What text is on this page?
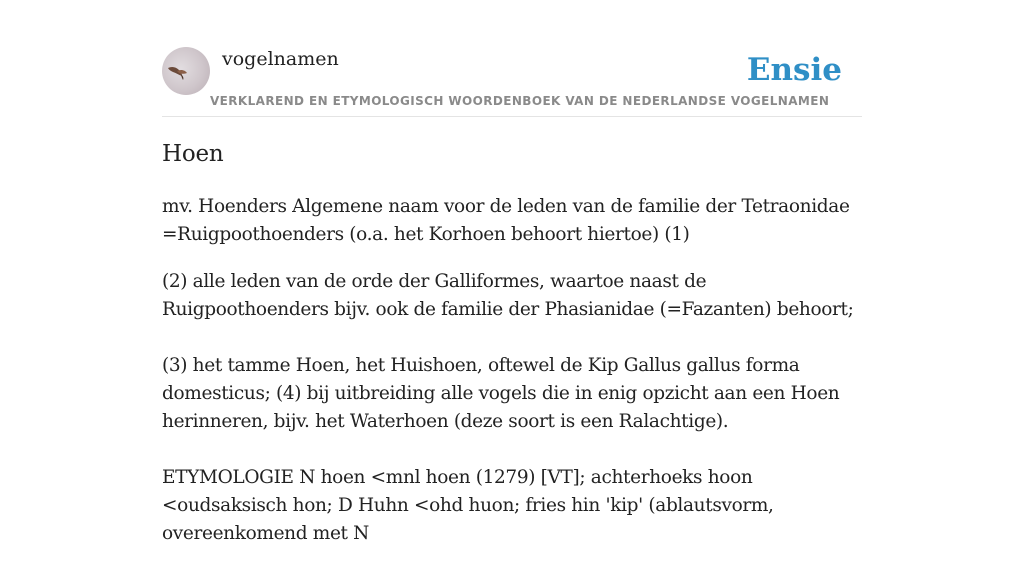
vogelnamen
VERKLAREND EN ETYMOLOGISCH WOORDENBOEK VAN DE NEDERLANDSE VOGELNAMEN
Ensie
Hoen

mv. Hoenders Algemene naam voor de leden van de familie der Tetraonidae =Ruigpoothoenders (o.a. het Korhoen behoort hiertoe) (1)

(2) alle leden van de orde der Galliformes, waartoe naast de Ruigpoothoenders bijv. ook de familie der Phasianidae (=Fazanten) behoort;

(3) het tamme Hoen, het Huishoen, oftewel de Kip Gallus gallus forma domesticus; (4) bij uitbreiding alle vogels die in enig opzicht aan een Hoen herinneren, bijv. het Waterhoen (deze soort is een Ralachtige).

ETYMOLOGIE N hoen <mnl hoen (1279) [VT]; achterhoeks hoon <oudsaksisch hon; D Huhn <ohd huon; fries hin 'kip' (ablautsvorm, overeenkomend met N
